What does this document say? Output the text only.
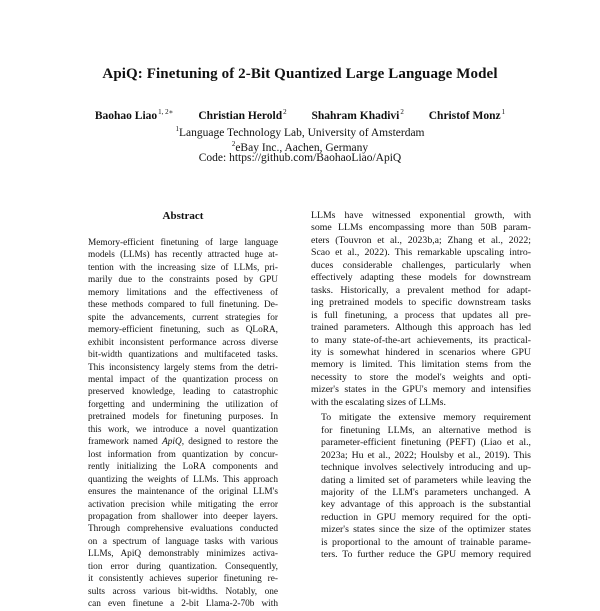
ApiQ: Finetuning of 2-Bit Quantized Large Language Model
Baohao Liao$^{1, 2∗}$ Christian Herold$^2$ Shahram Khadivi$^2$ Christof Monz$^1$
$^1$Language Technology Lab, University of Amsterdam
$^2$eBay Inc., Aachen, Germany
Code: https://github.com/BaohaoLiao/ApiQ
Abstract
Memory-efficient finetuning of large language
models (LLMs) has recently attracted huge at-
tention with the increasing size of LLMs, pri-
marily due to the constraints posed by GPU
memory limitations and the effectiveness of
these methods compared to full finetuning. De-
spite the advancements, current strategies for
memory-efficient finetuning, such as QLoRA,
exhibit inconsistent performance across diverse
bit-width quantizations and multifaceted tasks.
This inconsistency largely stems from the detri-
mental impact of the quantization process on
preserved knowledge, leading to catastrophic
forgetting and undermining the utilization of
pretrained models for finetuning purposes. In
this work, we introduce a novel quantization
framework named ApiQ, designed to restore the
lost information from quantization by concur-
rently initializing the LoRA components and
quantizing the weights of LLMs. This approach
ensures the maintenance of the original LLM's
activation precision while mitigating the error
propagation from shallower into deeper layers.
Through comprehensive evaluations conducted
on a spectrum of language tasks with various
LLMs, ApiQ demonstrably minimizes activa-
tion error during quantization. Consequently,
it consistently achieves superior finetuning re-
sults across various bit-widths. Notably, one
can even finetune a 2-bit Llama-2-70b with

LLMs have witnessed exponential growth, with
some LLMs encompassing more than 50B param-
eters (Touvron et al., 2023b,a; Zhang et al., 2022;
Scao et al., 2022). This remarkable upscaling intro-
duces considerable challenges, particularly when
effectively adapting these models for downstream
tasks. Historically, a prevalent method for adapt-
ing pretrained models to specific downstream tasks
is full finetuning, a process that updates all pre-
trained parameters. Although this approach has led
to many state-of-the-art achievements, its practical-
ity is somewhat hindered in scenarios where GPU
memory is limited. This limitation stems from the
necessity to store the model's weights and opti-
mizer's states in the GPU's memory and intensifies
with the escalating sizes of LLMs.

To mitigate the extensive memory requirement
for finetuning LLMs, an alternative method is
parameter-efficient finetuning (PEFT) (Liao et al.,
2023a; Hu et al., 2022; Houlsby et al., 2019). This
technique involves selectively introducing and up-
dating a limited set of parameters while leaving the
majority of the LLM's parameters unchanged. A
key advantage of this approach is the substantial
reduction in GPU memory required for the opti-
mizer's states since the size of the optimizer states
is proportional to the amount of trainable parame-
ters. To further reduce the GPU memory required
